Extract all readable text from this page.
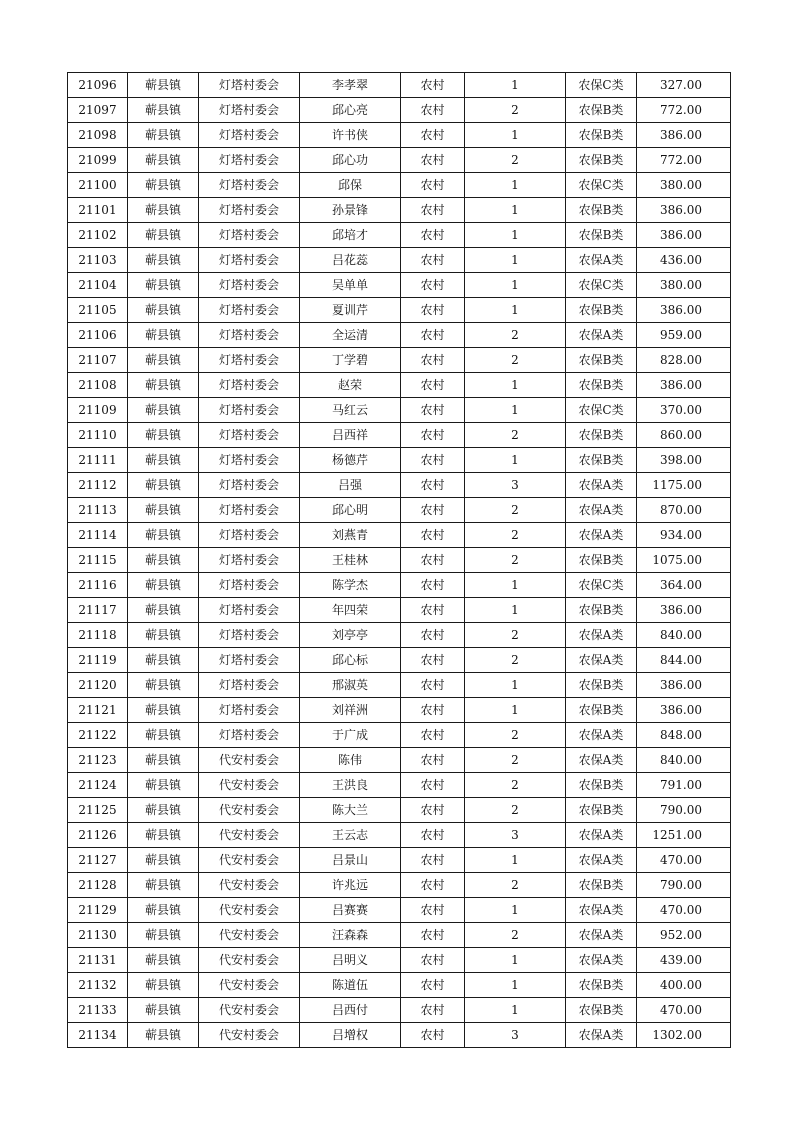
21096	蕲县镇	灯塔村委会	李孝翠	农村	1	农保C类	327.00
21097	蕲县镇	灯塔村委会	邱心亮	农村	2	农保B类	772.00
21098	蕲县镇	灯塔村委会	许书侠	农村	1	农保B类	386.00
21099	蕲县镇	灯塔村委会	邱心功	农村	2	农保B类	772.00
21100	蕲县镇	灯塔村委会	邱保	农村	1	农保C类	380.00
21101	蕲县镇	灯塔村委会	孙景锋	农村	1	农保B类	386.00
21102	蕲县镇	灯塔村委会	邱培才	农村	1	农保B类	386.00
21103	蕲县镇	灯塔村委会	吕花蕊	农村	1	农保A类	436.00
21104	蕲县镇	灯塔村委会	吴单单	农村	1	农保C类	380.00
21105	蕲县镇	灯塔村委会	夏训芹	农村	1	农保B类	386.00
21106	蕲县镇	灯塔村委会	全运清	农村	2	农保A类	959.00
21107	蕲县镇	灯塔村委会	丁学碧	农村	2	农保B类	828.00
21108	蕲县镇	灯塔村委会	赵荣	农村	1	农保B类	386.00
21109	蕲县镇	灯塔村委会	马红云	农村	1	农保C类	370.00
21110	蕲县镇	灯塔村委会	吕西祥	农村	2	农保B类	860.00
21111	蕲县镇	灯塔村委会	杨德芹	农村	1	农保B类	398.00
21112	蕲县镇	灯塔村委会	吕强	农村	3	农保A类	1175.00
21113	蕲县镇	灯塔村委会	邱心明	农村	2	农保A类	870.00
21114	蕲县镇	灯塔村委会	刘燕青	农村	2	农保A类	934.00
21115	蕲县镇	灯塔村委会	王桂林	农村	2	农保B类	1075.00
21116	蕲县镇	灯塔村委会	陈学杰	农村	1	农保C类	364.00
21117	蕲县镇	灯塔村委会	年四荣	农村	1	农保B类	386.00
21118	蕲县镇	灯塔村委会	刘亭亭	农村	2	农保A类	840.00
21119	蕲县镇	灯塔村委会	邱心标	农村	2	农保A类	844.00
21120	蕲县镇	灯塔村委会	邢淑英	农村	1	农保B类	386.00
21121	蕲县镇	灯塔村委会	刘祥洲	农村	1	农保B类	386.00
21122	蕲县镇	灯塔村委会	于广成	农村	2	农保A类	848.00
21123	蕲县镇	代安村委会	陈伟	农村	2	农保A类	840.00
21124	蕲县镇	代安村委会	王洪良	农村	2	农保B类	791.00
21125	蕲县镇	代安村委会	陈大兰	农村	2	农保B类	790.00
21126	蕲县镇	代安村委会	王云志	农村	3	农保A类	1251.00
21127	蕲县镇	代安村委会	吕景山	农村	1	农保A类	470.00
21128	蕲县镇	代安村委会	许兆远	农村	2	农保B类	790.00
21129	蕲县镇	代安村委会	吕赛赛	农村	1	农保A类	470.00
21130	蕲县镇	代安村委会	汪森森	农村	2	农保A类	952.00
21131	蕲县镇	代安村委会	吕明义	农村	1	农保A类	439.00
21132	蕲县镇	代安村委会	陈道伍	农村	1	农保B类	400.00
21133	蕲县镇	代安村委会	吕西付	农村	1	农保B类	470.00
21134	蕲县镇	代安村委会	吕增权	农村	3	农保A类	1302.00
